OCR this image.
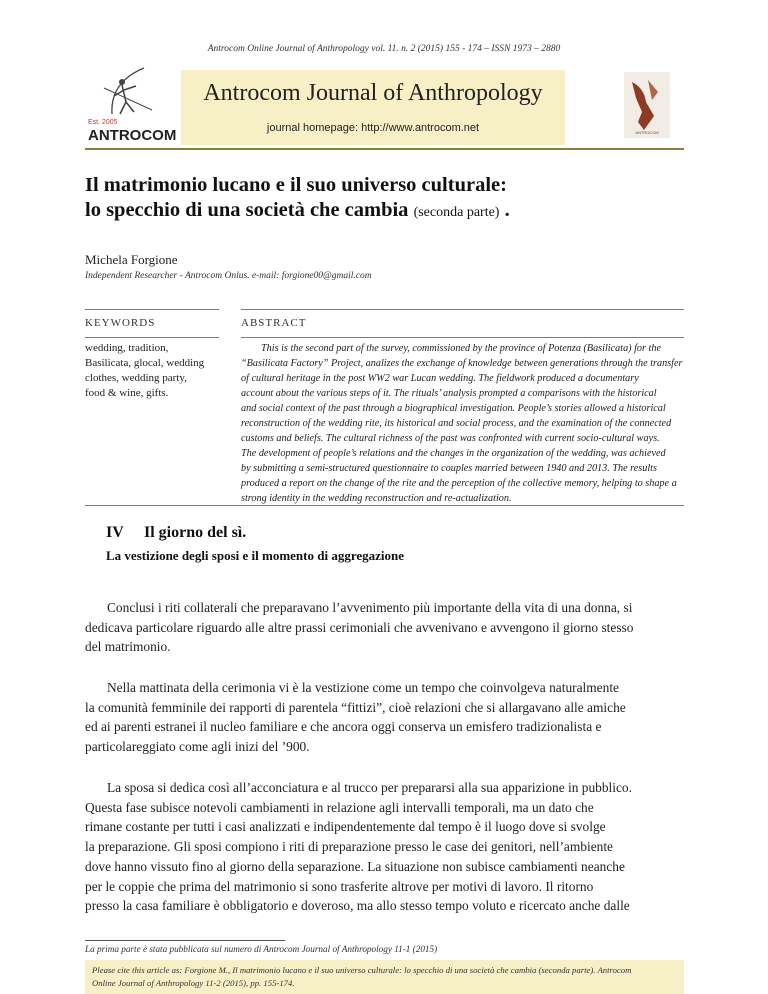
Antrocom Online Journal of Anthropology vol. 11. n. 2 (2015) 155 - 174 – ISSN 1973 – 2880
Est. 2005
ANTROCOM
Antrocom Journal of Anthropology
journal homepage: http://www.antrocom.net	ANTROCOM
Il matrimonio lucano e il suo universo culturale:
lo specchio di una società che cambia (seconda parte) .
Michela Forgione
Independent Researcher - Antrocom Onlus. e-mail: forgione00@gmail.com
KEYWORDS	ABSTRACT
wedding, tradition,
Basilicata, glocal, wedding
clothes, wedding party,
food & wine, gifts.
This is the second part of the survey, commissioned by the province of Potenza (Basilicata) for the
“Basilicata Factory” Project, analizes the exchange of knowledge between generations through the transfer
of cultural heritage in the post WW2 war Lucan wedding. The fieldwork produced a documentary
account about the various steps of it. The rituals’ analysis prompted a comparisons with the historical
and social context of the past through a biographical investigation. People’s stories allowed a historical
reconstruction of the wedding rite, its historical and social process, and the examination of the connected
customs and beliefs. The cultural richness of the past was confronted with current socio-cultural ways.
The development of people’s relations and the changes in the organization of the wedding, was achieved
by submitting a semi-structured questionnaire to couples married between 1940 and 2013. The results
produced a report on the change of the rite and the perception of the collective memory, helping to shape a
strong identity in the wedding reconstruction and re-actualization.
IV Il giorno del sì.
La vestizione degli sposi e il momento di aggregazione
Conclusi i riti collaterali che preparavano l’avvenimento più importante della vita di una donna, si
dedicava particolare riguardo alle altre prassi cerimoniali che avvenivano e avvengono il giorno stesso
del matrimonio.
Nella mattinata della cerimonia vi è la vestizione come un tempo che coinvolgeva naturalmente
la comunità femminile dei rapporti di parentela “fittizi”, cioè relazioni che si allargavano alle amiche
ed ai parenti estranei il nucleo familiare e che ancora oggi conserva un emisfero tradizionalista e
particolareggiato come agli inizi del ’900.
La sposa si dedica così all’acconciatura e al trucco per prepararsi alla sua apparizione in pubblico.
Questa fase subisce notevoli cambiamenti in relazione agli intervalli temporali, ma un dato che
rimane costante per tutti i casi analizzati e indipendentemente dal tempo è il luogo dove si svolge
la preparazione. Gli sposi compiono i riti di preparazione presso le case dei genitori, nell’ambiente
dove hanno vissuto fino al giorno della separazione. La situazione non subisce cambiamenti neanche
per le coppie che prima del matrimonio si sono trasferite altrove per motivi di lavoro. Il ritorno
presso la casa familiare è obbligatorio e doveroso, ma allo stesso tempo voluto e ricercato anche dalle
La prima parte è stata pubblicata sul numero di Antrocom Journal of Anthropology 11-1 (2015)
Please cite this article as: Forgione M., Il matrimonio lucano e il suo universo culturale: lo specchio di una società che cambia (seconda parte). Antrocom
Online Journal of Anthropology 11-2 (2015), pp. 155-174.
